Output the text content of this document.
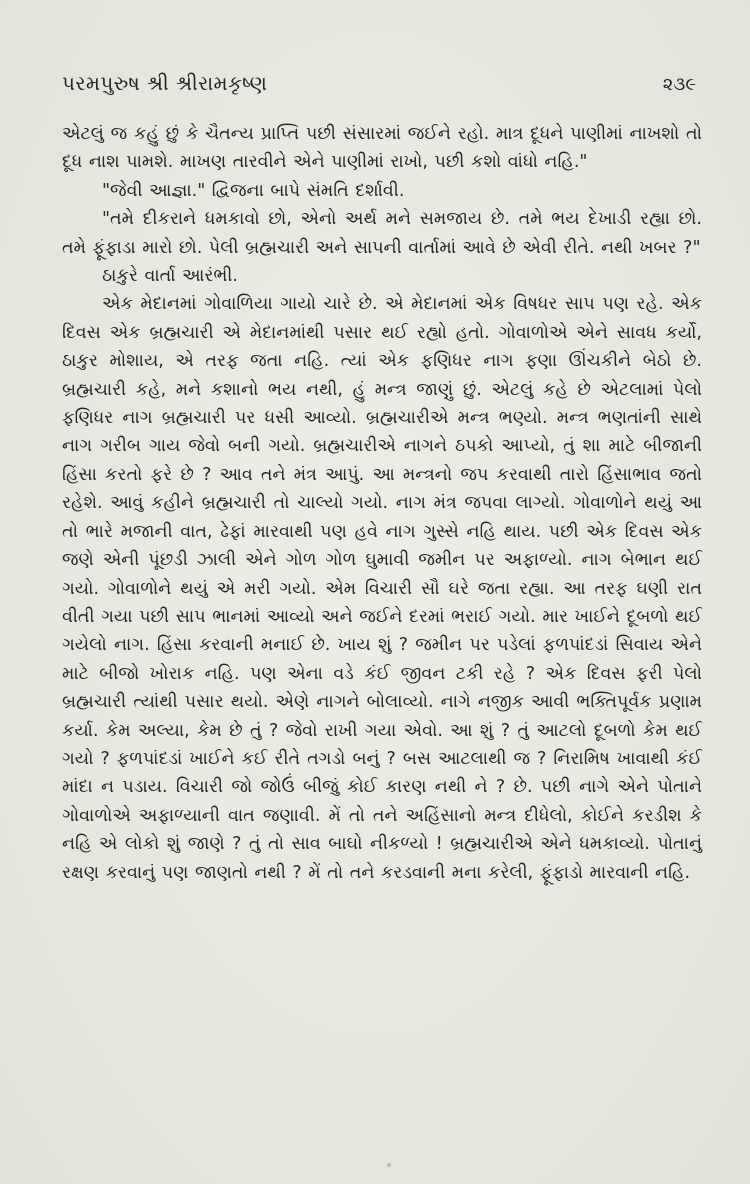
પરમપુરુષ શ્રી શ્રીરામકૃષ્ણ	૨૩૯

એટલું જ કહું છું કે ચૈતન્ય પ્રાપ્તિ પછી સંસારમાં જઈને રહો. માત્ર દૂધને પાણીમાં નાખશો તો દૂધ નાશ પામશે. માખણ તારવીને એને પાણીમાં રાખો, પછી કશો વાંધો નહિ."

"જેવી આજ્ઞા." દ્વિજના બાપે સંમતિ દર્શાવી.

"તમે દીકરાને ધમકાવો છો, એનો અર્થ મને સમજાય છે. તમે ભય દેખાડી રહ્યા છો. તમે ફૂંફાડા મારો છો. પેલી બ્રહ્મચારી અને સાપની વાર્તામાં આવે છે એવી રીતે. નથી ખબર ?"

ઠાકુરે વાર્તા આરંભી.

એક મેદાનમાં ગોવાળિયા ગાયો ચારે છે. એ મેદાનમાં એક વિષધર સાપ પણ રહે. એક દિવસ એક બ્રહ્મચારી એ મેદાનમાંથી પસાર થઈ રહ્યો હતો. ગોવાળોએ એને સાવધ કર્યો, ઠાકુર મોશાય, એ તરફ જતા નહિ. ત્યાં એક ફણિધર નાગ ફણા ઊંચકીને બેઠો છે. બ્રહ્મચારી કહે, મને કશાનો ભય નથી, હું મન્ત્ર જાણું છું. એટલું કહે છે એટલામાં પેલો ફણિધર નાગ બ્રહ્મચારી પર ધસી આવ્યો. બ્રહ્મચારીએ મન્ત્ર ભણ્યો. મન્ત્ર ભણતાંની સાથે નાગ ગરીબ ગાય જેવો બની ગયો. બ્રહ્મચારીએ નાગને ઠપકો આપ્યો, તું શા માટે બીજાની હિંસા કરતો ફરે છે ? આવ તને મંત્ર આપું. આ મન્ત્રનો જપ કરવાથી તારો હિંસાભાવ જતો રહેશે. આવું કહીને બ્રહ્મચારી તો ચાલ્યો ગયો. નાગ મંત્ર જપવા લાગ્યો. ગોવાળોને થયું આ તો ભારે મજાની વાત, ઢેફાં મારવાથી પણ હવે નાગ ગુસ્સે નહિ થાય. પછી એક દિવસ એક જણે એની પૂંછડી ઝાલી એને ગોળ ગોળ ઘુમાવી જમીન પર અફાળ્યો. નાગ બેભાન થઈ ગયો. ગોવાળોને થયું એ મરી ગયો. એમ વિચારી સૌ ઘરે જતા રહ્યા. આ તરફ ઘણી રાત વીતી ગયા પછી સાપ ભાનમાં આવ્યો અને જઈને દરમાં ભરાઈ ગયો. માર ખાઈને દૂબળો થઈ ગયેલો નાગ. હિંસા કરવાની મનાઈ છે. ખાય શું ? જમીન પર પડેલાં ફળપાંદડાં સિવાય એને માટે બીજો ખોરાક નહિ. પણ એના વડે કંઈ જીવન ટકી રહે ? એક દિવસ ફરી પેલો બ્રહ્મચારી ત્યાંથી પસાર થયો. એણે નાગને બોલાવ્યો. નાગે નજીક આવી ભક્તિપૂર્વક પ્રણામ કર્યા. કેમ અલ્યા, કેમ છે તું ? જેવો રાખી ગયા એવો. આ શું ? તું આટલો દૂબળો કેમ થઈ ગયો ? ફળપાંદડાં ખાઈને કઈ રીતે તગડો બનું ? બસ આટલાથી જ ? નિરામિષ ખાવાથી કંઈ માંદા ન પડાય. વિચારી જો જોઉં બીજું કોઈ કારણ નથી ને ? છે. પછી નાગે એને પોતાને ગોવાળોએ અફાળ્યાની વાત જણાવી. મેં તો તને અહિંસાનો મન્ત્ર દીધેલો, કોઈને કરડીશ કે નહિ એ લોકો શું જાણે ? તું તો સાવ બાઘો નીકળ્યો ! બ્રહ્મચારીએ એને ધમકાવ્યો. પોતાનું રક્ષણ કરવાનું પણ જાણતો નથી ? મેં તો તને કરડવાની મના કરેલી, ફૂંફાડો મારવાની નહિ.
